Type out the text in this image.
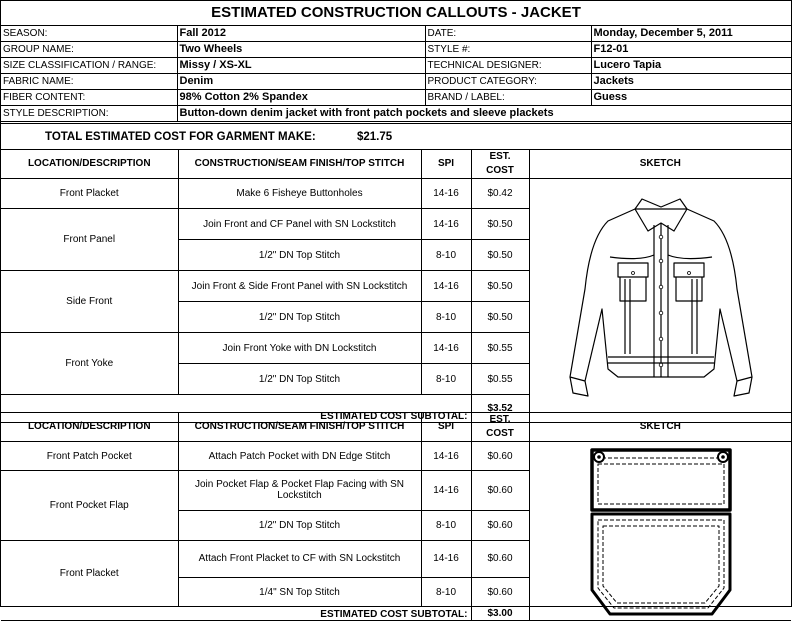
ESTIMATED CONSTRUCTION CALLOUTS - JACKET
SEASON:	Fall 2012	DATE:	Monday, December 5, 2011
GROUP NAME:	Two Wheels	STYLE #:	F12-01
SIZE CLASSIFICATION / RANGE:	Missy / XS-XL	TECHNICAL DESIGNER:	Lucero Tapia
FABRIC NAME:	Denim	PRODUCT CATEGORY:	Jackets
FIBER CONTENT:	98% Cotton 2% Spandex	BRAND / LABEL:	Guess
STYLE DESCRIPTION:	Button-down denim jacket with front patch pockets and sleeve plackets		
TOTAL ESTIMATED COST FOR GARMENT MAKE:	$21.75
LOCATION/DESCRIPTION	CONSTRUCTION/SEAM FINISH/TOP STITCH	SPI	EST. COST	SKETCH
Front Placket	Make 6 Fisheye Buttonholes	14-16	$0.42	

Front Panel	Join Front and CF Panel with SN Lockstitch	14-16	$0.50	
	1/2" DN Top Stitch	8-10	$0.50	
Side Front	Join Front & Side Front Panel with SN Lockstitch	14-16	$0.50	
	1/2" DN Top Stitch	8-10	$0.50	
Front Yoke	Join Front Yoke with DN Lockstitch	14-16	$0.55	
	1/2" DN Top Stitch	8-10	$0.55	
ESTIMATED COST SUBTOTAL:			$3.52	
LOCATION/DESCRIPTION	CONSTRUCTION/SEAM FINISH/TOP STITCH	SPI	EST. COST	SKETCH
Front Patch Pocket	Attach Patch Pocket with DN Edge Stitch	14-16	$0.60	

Front Pocket Flap	Join Pocket Flap & Pocket Flap Facing with SN Lockstitch	14-16	$0.60	
	1/2" DN Top Stitch	8-10	$0.60	
Front Placket	Attach Front Placket to CF with SN Lockstitch	14-16	$0.60	
	1/4" SN Top Stitch	8-10	$0.60	
ESTIMATED COST SUBTOTAL:			$3.00	
